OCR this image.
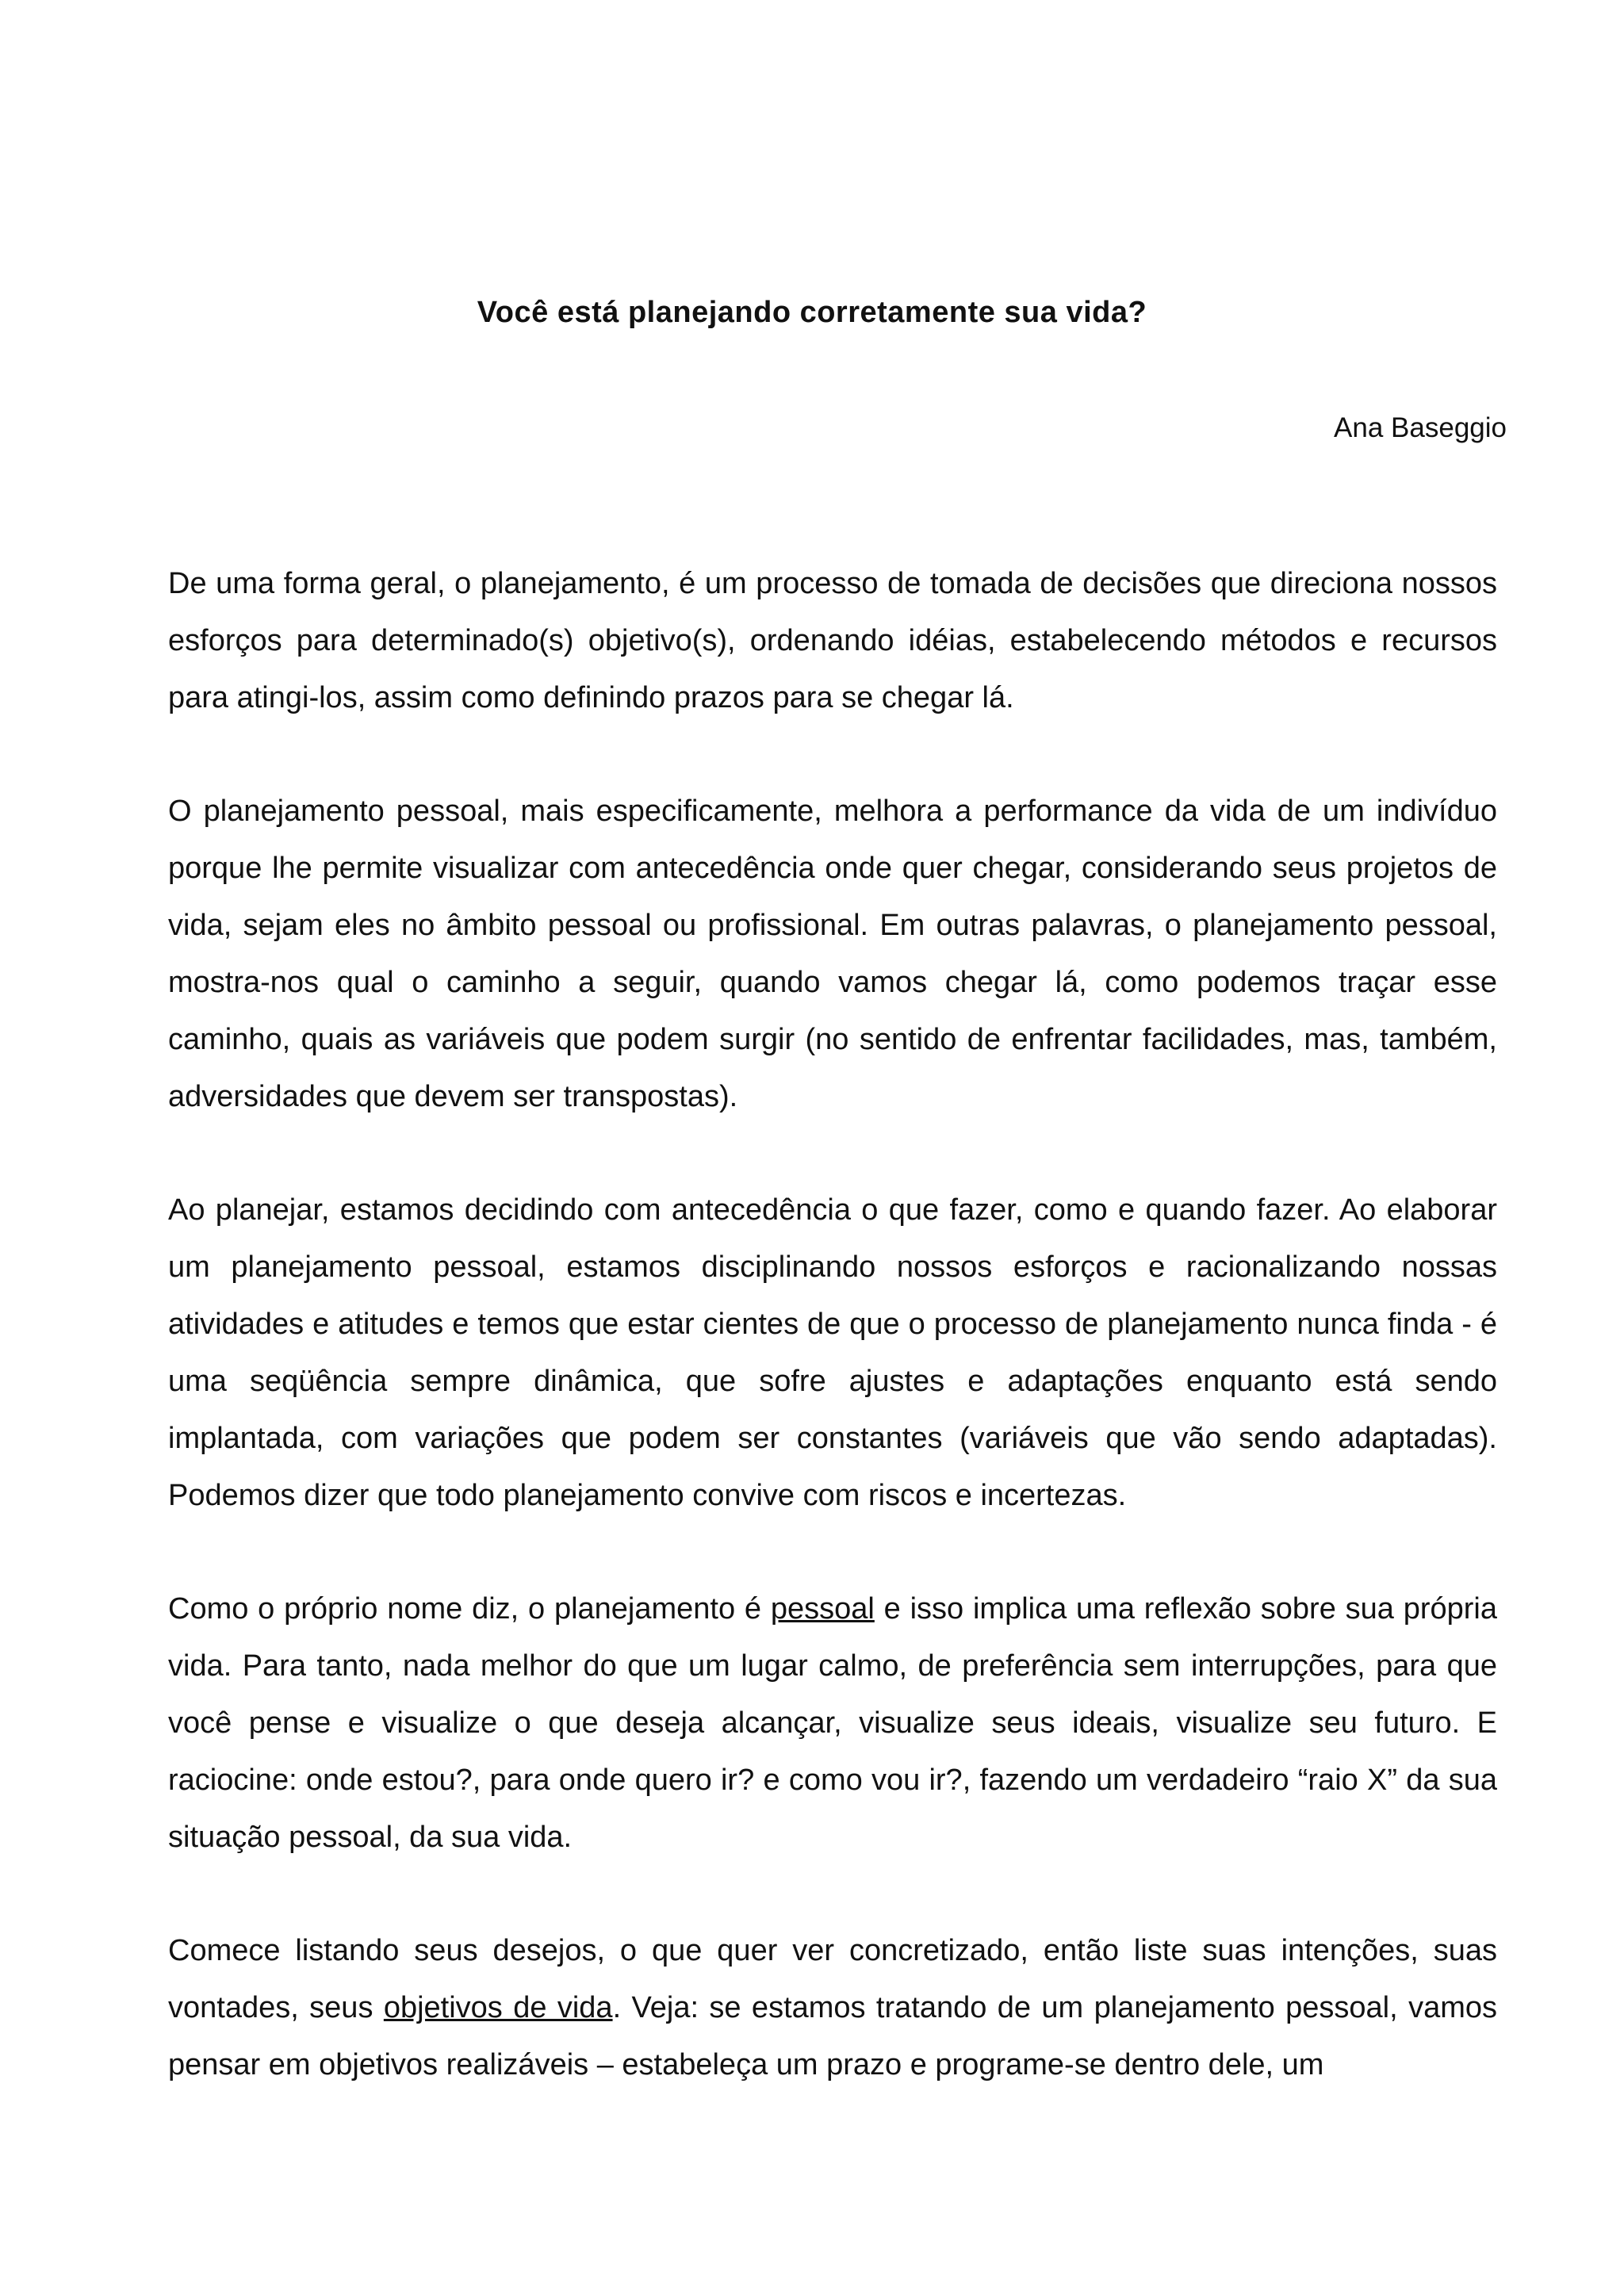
Você está planejando corretamente sua vida?
Ana Baseggio

De uma forma geral, o planejamento, é um processo de tomada de decisões que direciona nossos esforços para determinado(s) objetivo(s), ordenando idéias, estabelecendo métodos e recursos para atingi-los, assim como definindo prazos para se chegar lá.

O planejamento pessoal, mais especificamente, melhora a performance da vida de um indivíduo porque lhe permite visualizar com antecedência onde quer chegar, considerando seus projetos de vida, sejam eles no âmbito pessoal ou profissional. Em outras palavras, o planejamento pessoal, mostra-nos qual o caminho a seguir, quando vamos chegar lá, como podemos traçar esse caminho, quais as variáveis que podem surgir (no sentido de enfrentar facilidades, mas, também, adversidades que devem ser transpostas).

Ao planejar, estamos decidindo com antecedência o que fazer, como e quando fazer. Ao elaborar um planejamento pessoal, estamos disciplinando nossos esforços e racionalizando nossas atividades e atitudes e temos que estar cientes de que o processo de planejamento nunca finda - é uma seqüência sempre dinâmica, que sofre ajustes e adaptações enquanto está sendo implantada, com variações que podem ser constantes (variáveis que vão sendo adaptadas). Podemos dizer que todo planejamento convive com riscos e incertezas.

Como o próprio nome diz, o planejamento é pessoal e isso implica uma reflexão sobre sua própria vida. Para tanto, nada melhor do que um lugar calmo, de preferência sem interrupções, para que você pense e visualize o que deseja alcançar, visualize seus ideais, visualize seu futuro. E raciocine: onde estou?, para onde quero ir? e como vou ir?, fazendo um verdadeiro “raio X” da sua situação pessoal, da sua vida.

Comece listando seus desejos, o que quer ver concretizado, então liste suas intenções, suas vontades, seus objetivos de vida. Veja: se estamos tratando de um planejamento pessoal, vamos pensar em objetivos realizáveis – estabeleça um prazo e programe-se dentro dele, um
